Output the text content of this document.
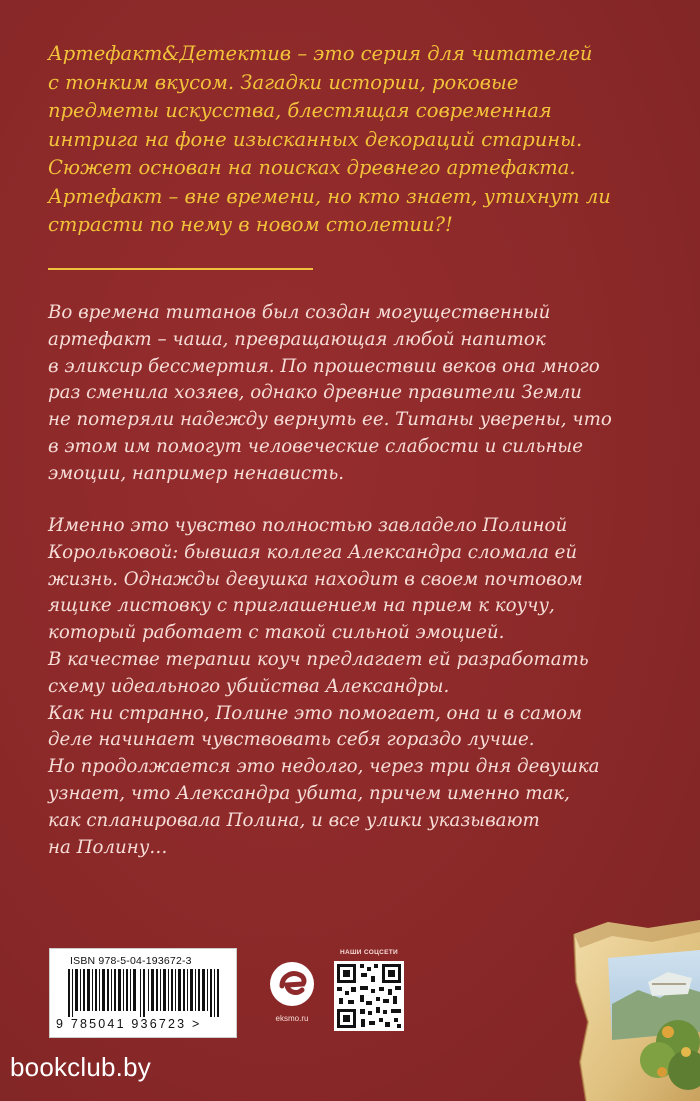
Артефакт&Детектив – это серия для читателей
с тонким вкусом. Загадки истории, роковые
предметы искусства, блестящая современная
интрига на фоне изысканных декораций старины.
Сюжет основан на поисках древнего артефакта.
Артефакт – вне времени, но кто знает, утихнут ли
страсти по нему в новом столетии?!
Во времена титанов был создан могущественный
артефакт – чаша, превращающая любой напиток
в эликсир бессмертия. По прошествии веков она много
раз сменила хозяев, однако древние правители Земли
не потеряли надежду вернуть ее. Титаны уверены, что
в этом им помогут человеческие слабости и сильные
эмоции, например ненависть.
Именно это чувство полностью завладело Полиной
Корольковой: бывшая коллега Александра сломала ей
жизнь. Однажды девушка находит в своем почтовом
ящике листовку с приглашением на прием к коучу,
который работает с такой сильной эмоцией.
В качестве терапии коуч предлагает ей разработать
схему идеального убийства Александры.
Как ни странно, Полине это помогает, она и в самом
деле начинает чувствовать себя гораздо лучше.
Но продолжается это недолго, через три дня девушка
узнает, что Александра убита, причем именно так,
как спланировала Полина, и все улики указывают
на Полину…
ISBN 978-5-04-193672-3
9 785041 936723 >	eksmo.ru
НАШИ СОЦСЕТИ
bookclub.by
